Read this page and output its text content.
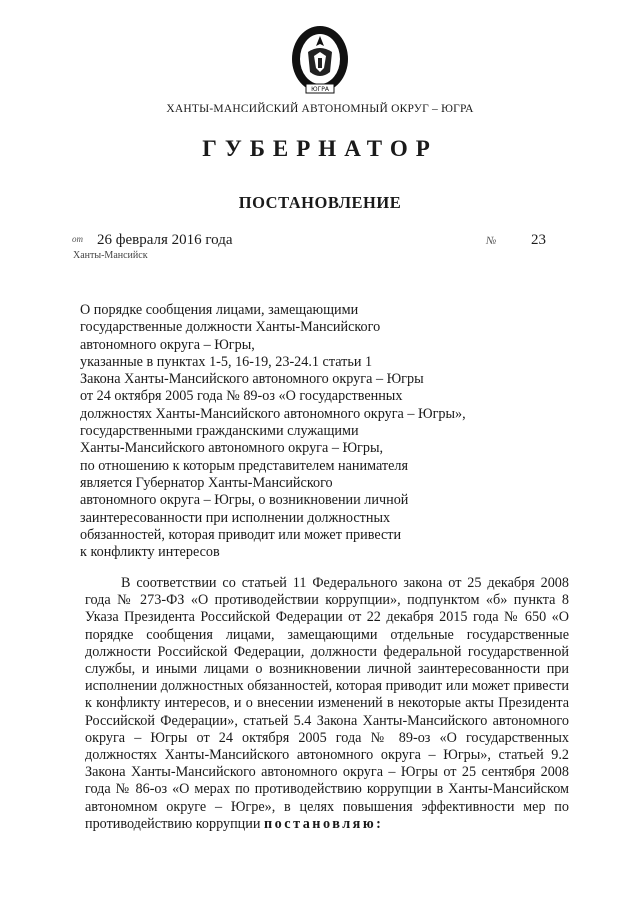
ЮГРА
ХАНТЫ-МАНСИЙСКИЙ АВТОНОМНЫЙ ОКРУГ – ЮГРА
ГУБЕРНАТОР
ПОСТАНОВЛЕНИЕ
от 26 февраля 2016 года	№ 23
Ханты-Мансийск
О порядке сообщения лицами, замещающими
государственные должности Ханты-Мансийского
автономного округа – Югры,
указанные в пунктах 1-5, 16-19, 23-24.1 статьи 1
Закона Ханты-Мансийского автономного округа – Югры
от 24 октября 2005 года № 89-оз «О государственных
должностях Ханты-Мансийского автономного округа – Югры»,
государственными гражданскими служащими
Ханты-Мансийского автономного округа – Югры,
по отношению к которым представителем нанимателя
является Губернатор Ханты-Мансийского
автономного округа – Югры, о возникновении личной
заинтересованности при исполнении должностных
обязанностей, которая приводит или может привести
к конфликту интересов
В соответствии со статьей 11 Федерального закона от 25 декабря 2008 года № 273-ФЗ «О противодействии коррупции», подпунктом «б» пункта 8 Указа Президента Российской Федерации от 22 декабря 2015 года № 650 «О порядке сообщения лицами, замещающими отдельные государственные должности Российской Федерации, должности федеральной государственной службы, и иными лицами о возникновении личной заинтересованности при исполнении должностных обязанностей, которая приводит или может привести к конфликту интересов, и о внесении изменений в некоторые акты Президента Российской Федерации», статьей 5.4 Закона Ханты-Мансийского автономного округа – Югры от 24 октября 2005 года № 89-оз «О государственных должностях Ханты-Мансийского автономного округа – Югры», статьей 9.2 Закона Ханты-Мансийского автономного округа – Югры от 25 сентября 2008 года № 86-оз «О мерах по противодействию коррупции в Ханты-Мансийском автономном округе – Югре», в целях повышения эффективности мер по противодействию коррупции постановляю:
